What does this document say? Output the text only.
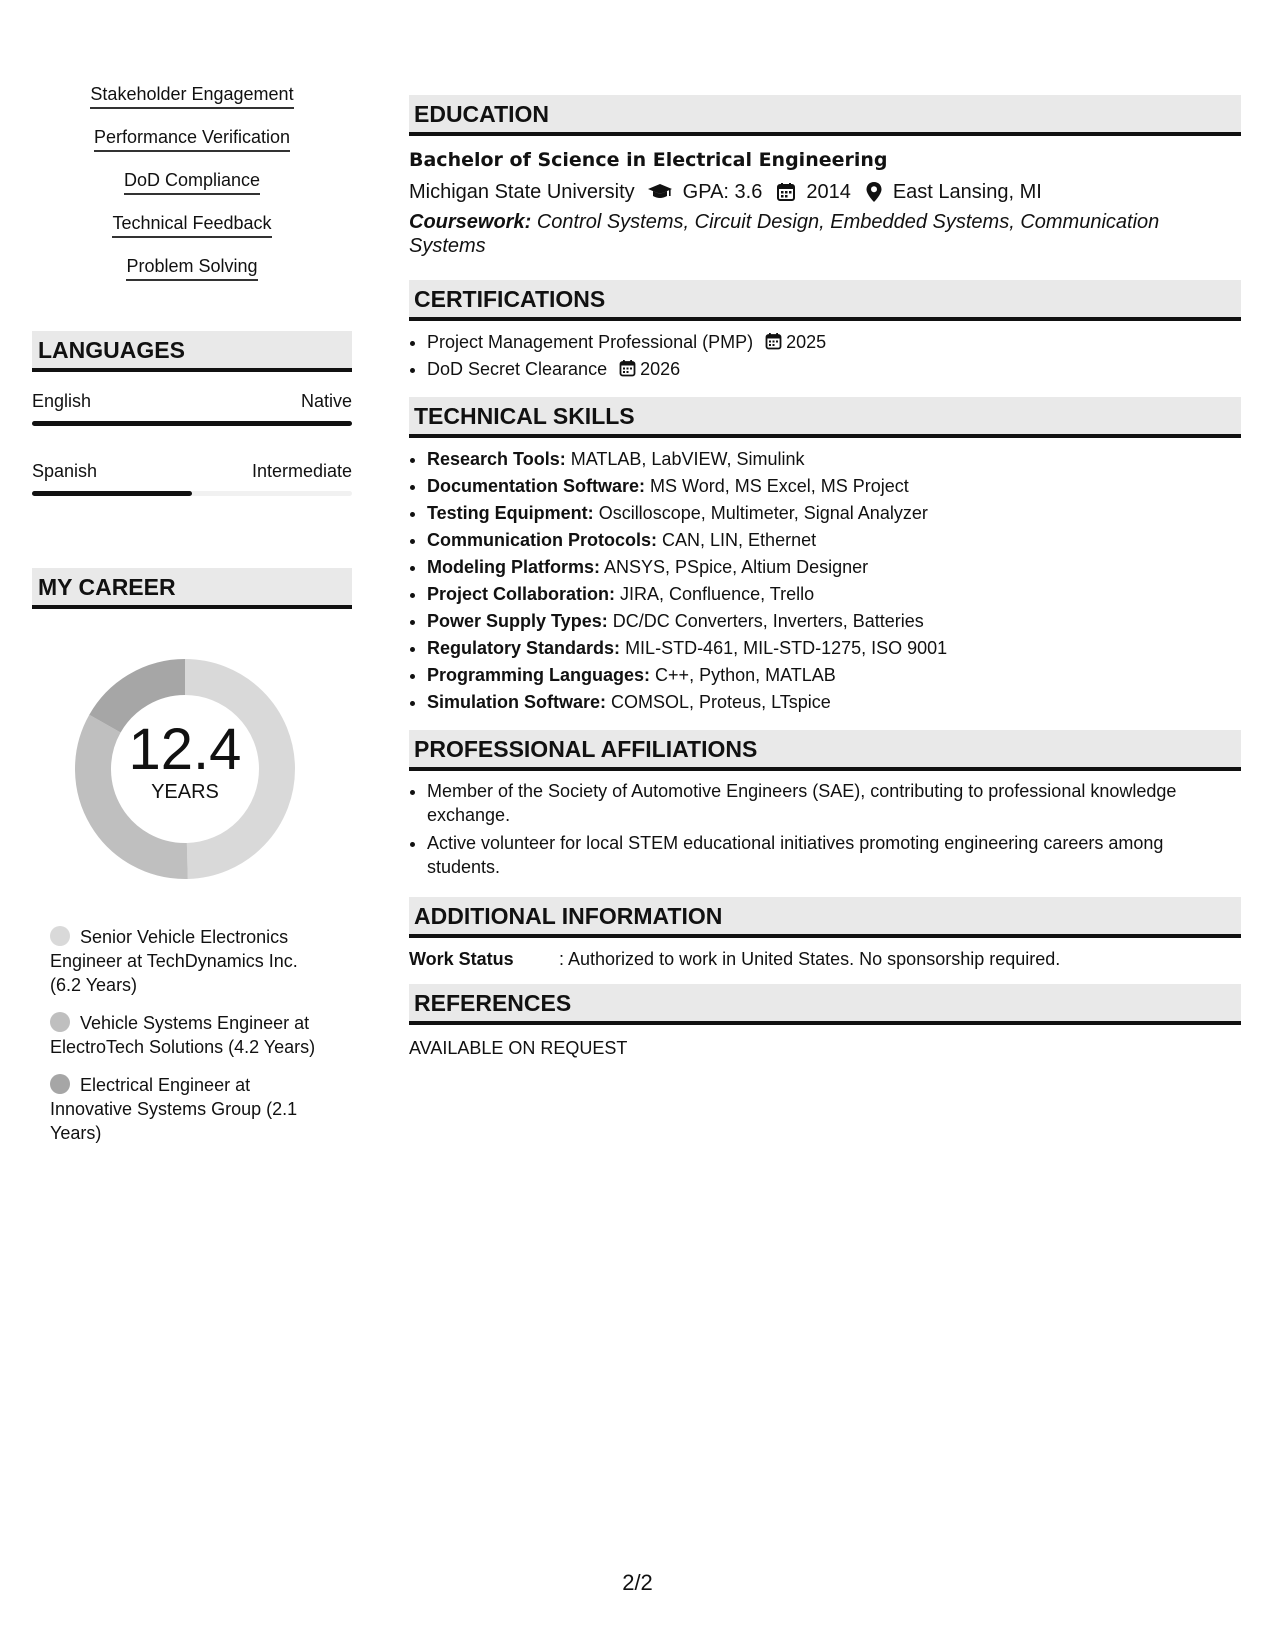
Stakeholder Engagement
Performance Verification
DoD Compliance
Technical Feedback
Problem Solving
LANGUAGES
English	Native
Spanish	Intermediate
MY CAREER
12.4
YEARS
Senior Vehicle Electronics Engineer at TechDynamics Inc. (6.2 Years)
Vehicle Systems Engineer at ElectroTech Solutions (4.2 Years)
Electrical Engineer at Innovative Systems Group (2.1 Years)
EDUCATION
Bachelor of Science in Electrical Engineering
Michigan State University GPA: 3.6 2014 East Lansing, MI
Coursework: Control Systems, Circuit Design, Embedded Systems, Communication Systems
CERTIFICATIONS
• Project Management Professional (PMP) 2025
• DoD Secret Clearance 2026
TECHNICAL SKILLS
• Research Tools: MATLAB, LabVIEW, Simulink
• Documentation Software: MS Word, MS Excel, MS Project
• Testing Equipment: Oscilloscope, Multimeter, Signal Analyzer
• Communication Protocols: CAN, LIN, Ethernet
• Modeling Platforms: ANSYS, PSpice, Altium Designer
• Project Collaboration: JIRA, Confluence, Trello
• Power Supply Types: DC/DC Converters, Inverters, Batteries
• Regulatory Standards: MIL-STD-461, MIL-STD-1275, ISO 9001
• Programming Languages: C++, Python, MATLAB
• Simulation Software: COMSOL, Proteus, LTspice
PROFESSIONAL AFFILIATIONS
• Member of the Society of Automotive Engineers (SAE), contributing to professional knowledge exchange.
• Active volunteer for local STEM educational initiatives promoting engineering careers among students.
ADDITIONAL INFORMATION
Work Status	: Authorized to work in United States. No sponsorship required.
REFERENCES
AVAILABLE ON REQUEST
2/2
